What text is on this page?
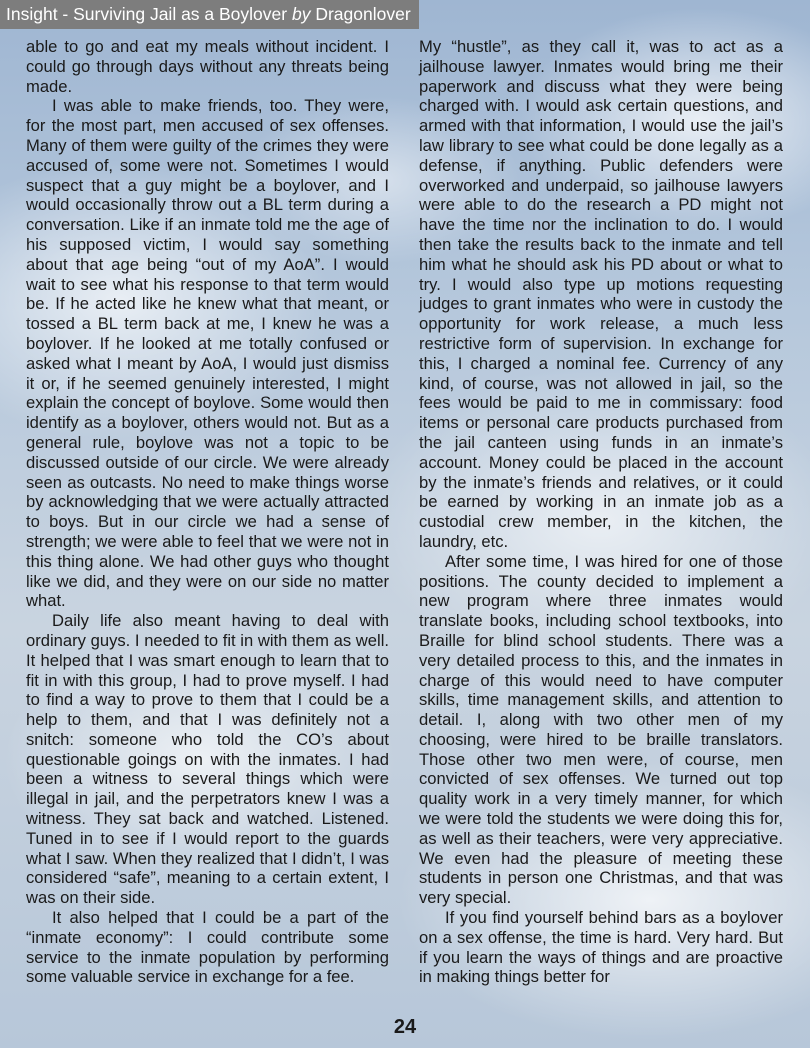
Insight - Surviving Jail as a Boylover by Dragonlover

able to go and eat my meals without incident. I could go through days without any threats being made.

I was able to make friends, too. They were, for the most part, men accused of sex offenses. Many of them were guilty of the crimes they were accused of, some were not. Sometimes I would suspect that a guy might be a boylover, and I would occasionally throw out a BL term during a conversation. Like if an inmate told me the age of his supposed victim, I would say something about that age being “out of my AoA”. I would wait to see what his response to that term would be. If he acted like he knew what that meant, or tossed a BL term back at me, I knew he was a boylover. If he looked at me totally confused or asked what I meant by AoA, I would just dismiss it or, if he seemed genuinely interested, I might explain the concept of boylove. Some would then identify as a boylover, others would not. But as a general rule, boylove was not a topic to be discussed outside of our circle. We were already seen as outcasts. No need to make things worse by acknowledging that we were actually attracted to boys. But in our circle we had a sense of strength; we were able to feel that we were not in this thing alone. We had other guys who thought like we did, and they were on our side no matter what.

Daily life also meant having to deal with ordinary guys. I needed to fit in with them as well. It helped that I was smart enough to learn that to fit in with this group, I had to prove myself. I had to find a way to prove to them that I could be a help to them, and that I was definitely not a snitch: someone who told the CO’s about questionable goings on with the inmates. I had been a witness to several things which were illegal in jail, and the perpetrators knew I was a witness. They sat back and watched. Listened. Tuned in to see if I would report to the guards what I saw. When they realized that I didn’t, I was considered “safe”, meaning to a certain extent, I was on their side.

It also helped that I could be a part of the “inmate economy”: I could contribute some service to the inmate population by performing some valuable service in exchange for a fee.

My “hustle”, as they call it, was to act as a jailhouse lawyer. Inmates would bring me their paperwork and discuss what they were being charged with. I would ask certain questions, and armed with that information, I would use the jail’s law library to see what could be done legally as a defense, if anything. Public defenders were overworked and underpaid, so jailhouse lawyers were able to do the research a PD might not have the time nor the inclination to do. I would then take the results back to the inmate and tell him what he should ask his PD about or what to try. I would also type up motions requesting judges to grant inmates who were in custody the opportunity for work release, a much less restrictive form of supervision. In exchange for this, I charged a nominal fee. Currency of any kind, of course, was not allowed in jail, so the fees would be paid to me in commissary: food items or personal care products purchased from the jail canteen using funds in an inmate’s account. Money could be placed in the account by the inmate’s friends and relatives, or it could be earned by working in an inmate job as a custodial crew member, in the kitchen, the laundry, etc.

After some time, I was hired for one of those positions. The county decided to implement a new program where three inmates would translate books, including school textbooks, into Braille for blind school students. There was a very detailed process to this, and the inmates in charge of this would need to have computer skills, time management skills, and attention to detail. I, along with two other men of my choosing, were hired to be braille translators. Those other two men were, of course, men convicted of sex offenses. We turned out top quality work in a very timely manner, for which we were told the students we were doing this for, as well as their teachers, were very appreciative. We even had the pleasure of meeting these students in person one Christmas, and that was very special.

If you find yourself behind bars as a boylover on a sex offense, the time is hard. Very hard. But if you learn the ways of things and are proactive in making things better for

24
